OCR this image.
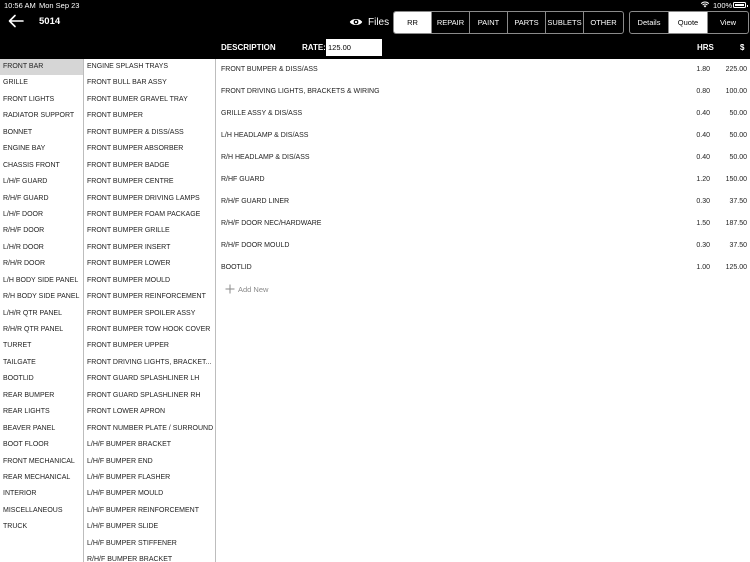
10:56 AM Mon Sep 23	100%
5014	Files	RR	REPAIR	PAINT	PARTS	SUBLETS	OTHER	Details	Quote	View
DESCRIPTION	RATE:
125.00	HRS	$
FRONT BAR
GRILLE
FRONT LIGHTS
RADIATOR SUPPORT
BONNET
ENGINE BAY
CHASSIS FRONT
L/H/F GUARD
R/H/F GUARD
L/H/F DOOR
R/H/F DOOR
L/H/R DOOR
R/H/R DOOR
L/H BODY SIDE PANEL
R/H BODY SIDE PANEL
L/H/R QTR PANEL
R/H/R QTR PANEL
TURRET
TAILGATE
BOOTLID
REAR BUMPER
REAR LIGHTS
BEAVER PANEL
BOOT FLOOR
FRONT MECHANICAL
REAR MECHANICAL
INTERIOR
MISCELLANEOUS
TRUCK
ENGINE SPLASH TRAYS
FRONT BULL BAR ASSY
FRONT BUMER GRAVEL TRAY
FRONT BUMPER
FRONT BUMPER & DISS/ASS
FRONT BUMPER ABSORBER
FRONT BUMPER BADGE
FRONT BUMPER CENTRE
FRONT BUMPER DRIVING LAMPS
FRONT BUMPER FOAM PACKAGE
FRONT BUMPER GRILLE
FRONT BUMPER INSERT
FRONT BUMPER LOWER
FRONT BUMPER MOULD
FRONT BUMPER REINFORCEMENT
FRONT BUMPER SPOILER ASSY
FRONT BUMPER TOW HOOK COVER
FRONT BUMPER UPPER
FRONT DRIVING LIGHTS, BRACKET...
FRONT GUARD SPLASHLINER LH
FRONT GUARD SPLASHLINER RH
FRONT LOWER APRON
FRONT NUMBER PLATE / SURROUND
L/H/F BUMPER BRACKET
L/H/F BUMPER END
L/H/F BUMPER FLASHER
L/H/F BUMPER MOULD
L/H/F BUMPER REINFORCEMENT
L/H/F BUMPER SLIDE
L/H/F BUMPER STIFFENER
R/H/F BUMPER BRACKET
FRONT BUMPER & DISS/ASS	1.80 225.00
FRONT DRIVING LIGHTS, BRACKETS & WIRING	0.80 100.00
GRILLE ASSY & DIS/ASS	0.40	50.00
L/H HEADLAMP & DIS/ASS	0.40	50.00
R/H HEADLAMP & DIS/ASS	0.40	50.00
R/HF GUARD	1.20 150.00
R/H/F GUARD LINER	0.30	37.50
R/H/F DOOR NEC/HARDWARE	1.50 187.50
R/H/F DOOR MOULD	0.30	37.50
BOOTLID	1.00 125.00
Add New
